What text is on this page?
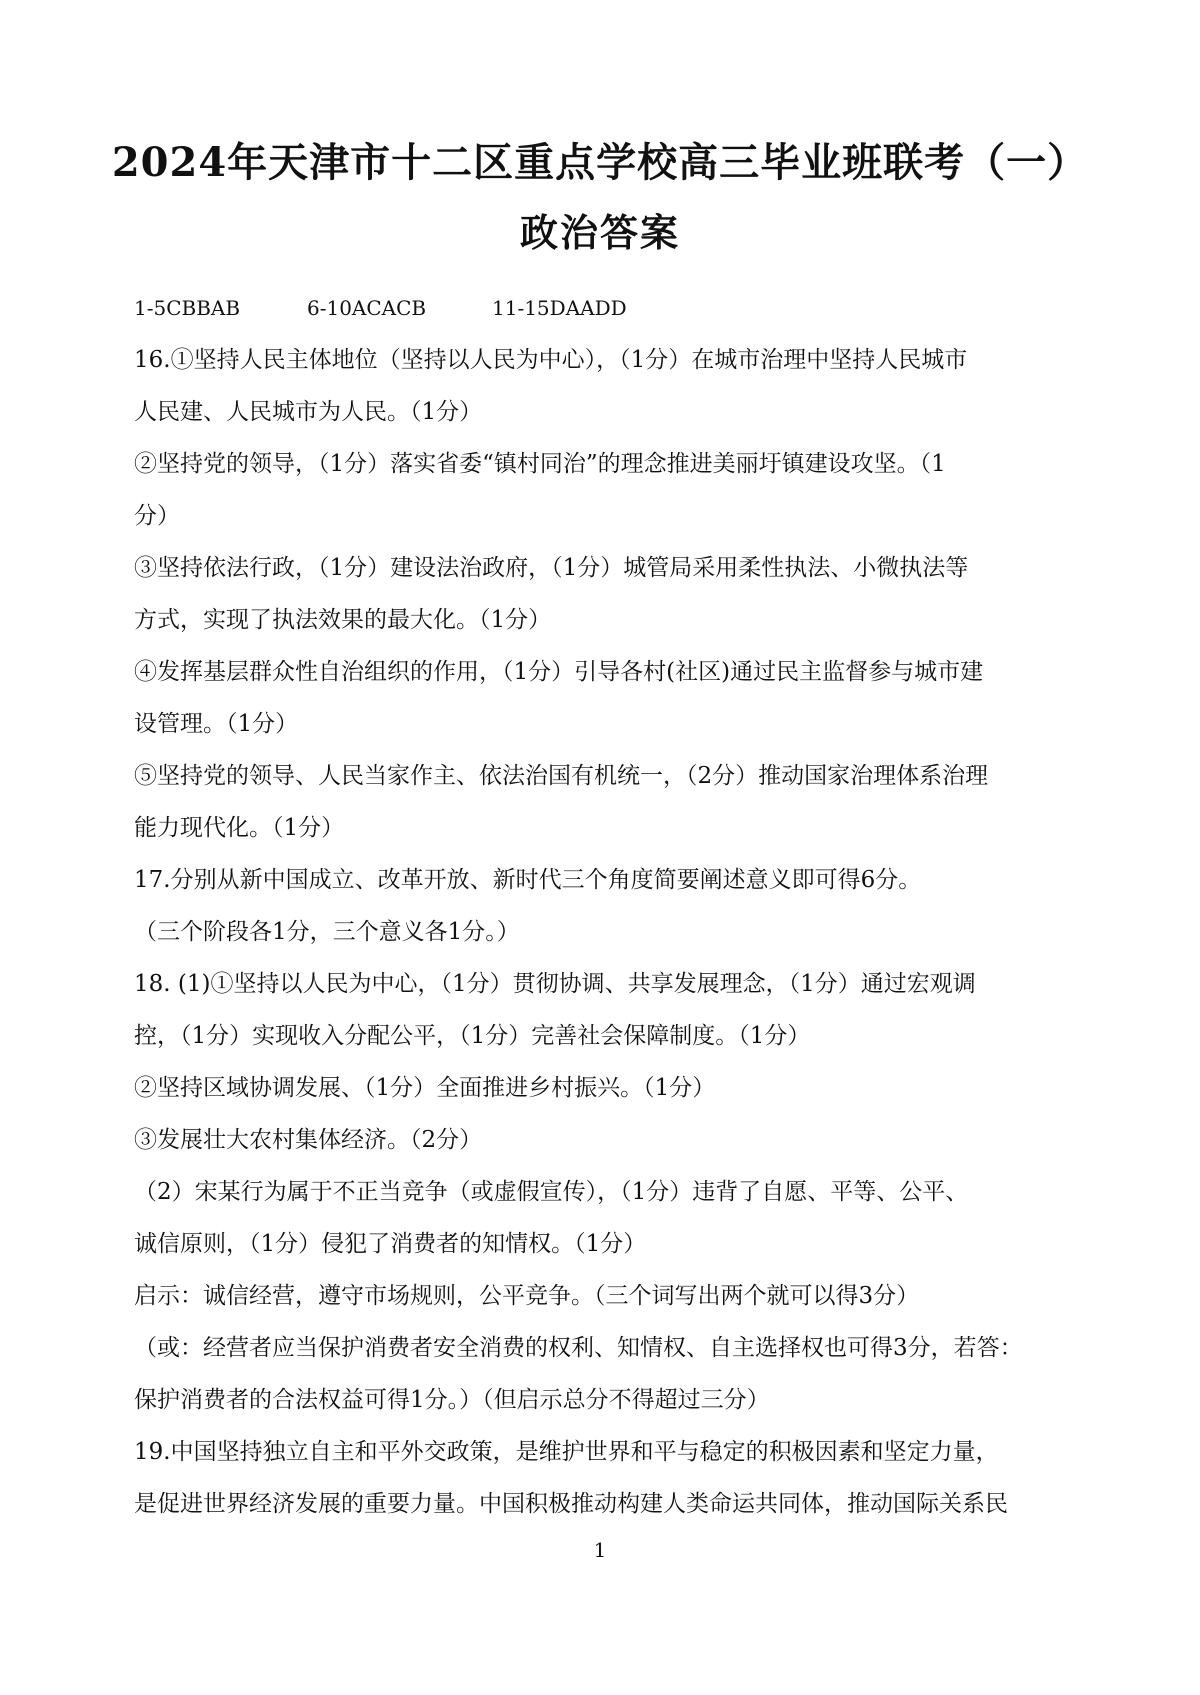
2024年天津市十二区重点学校高三毕业班联考（一）
政治答案
1-5CBBAB	6-10ACACB	11-15DAADD
16.①坚持人民主体地位（坚持以人民为中心），（1分）在城市治理中坚持人民城市
人民建、人民城市为人民。（1分）
②坚持党的领导，（1分）落实省委“镇村同治”的理念推进美丽圩镇建设攻坚。（1
分）
③坚持依法行政，（1分）建设法治政府，（1分）城管局采用柔性执法、小微执法等
方式，实现了执法效果的最大化。（1分）
④发挥基层群众性自治组织的作用，（1分）引导各村(社区)通过民主监督参与城市建
设管理。（1分）
⑤坚持党的领导、人民当家作主、依法治国有机统一，（2分）推动国家治理体系治理
能力现代化。（1分）
17.分别从新中国成立、改革开放、新时代三个角度简要阐述意义即可得6分。
（三个阶段各1分，三个意义各1分。）
18. (1)①坚持以人民为中心，（1分）贯彻协调、共享发展理念，（1分）通过宏观调
控，（1分）实现收入分配公平，（1分）完善社会保障制度。（1分）
②坚持区域协调发展、（1分）全面推进乡村振兴。（1分）
③发展壮大农村集体经济。（2分）
（2）宋某行为属于不正当竞争（或虚假宣传），（1分）违背了自愿、平等、公平、
诚信原则，（1分）侵犯了消费者的知情权。（1分）
启示：诚信经营，遵守市场规则，公平竞争。（三个词写出两个就可以得3分）
（或：经营者应当保护消费者安全消费的权利、知情权、自主选择权也可得3分，若答：
保护消费者的合法权益可得1分。）（但启示总分不得超过三分）
19.中国坚持独立自主和平外交政策，是维护世界和平与稳定的积极因素和坚定力量，
是促进世界经济发展的重要力量。中国积极推动构建人类命运共同体，推动国际关系民
1
